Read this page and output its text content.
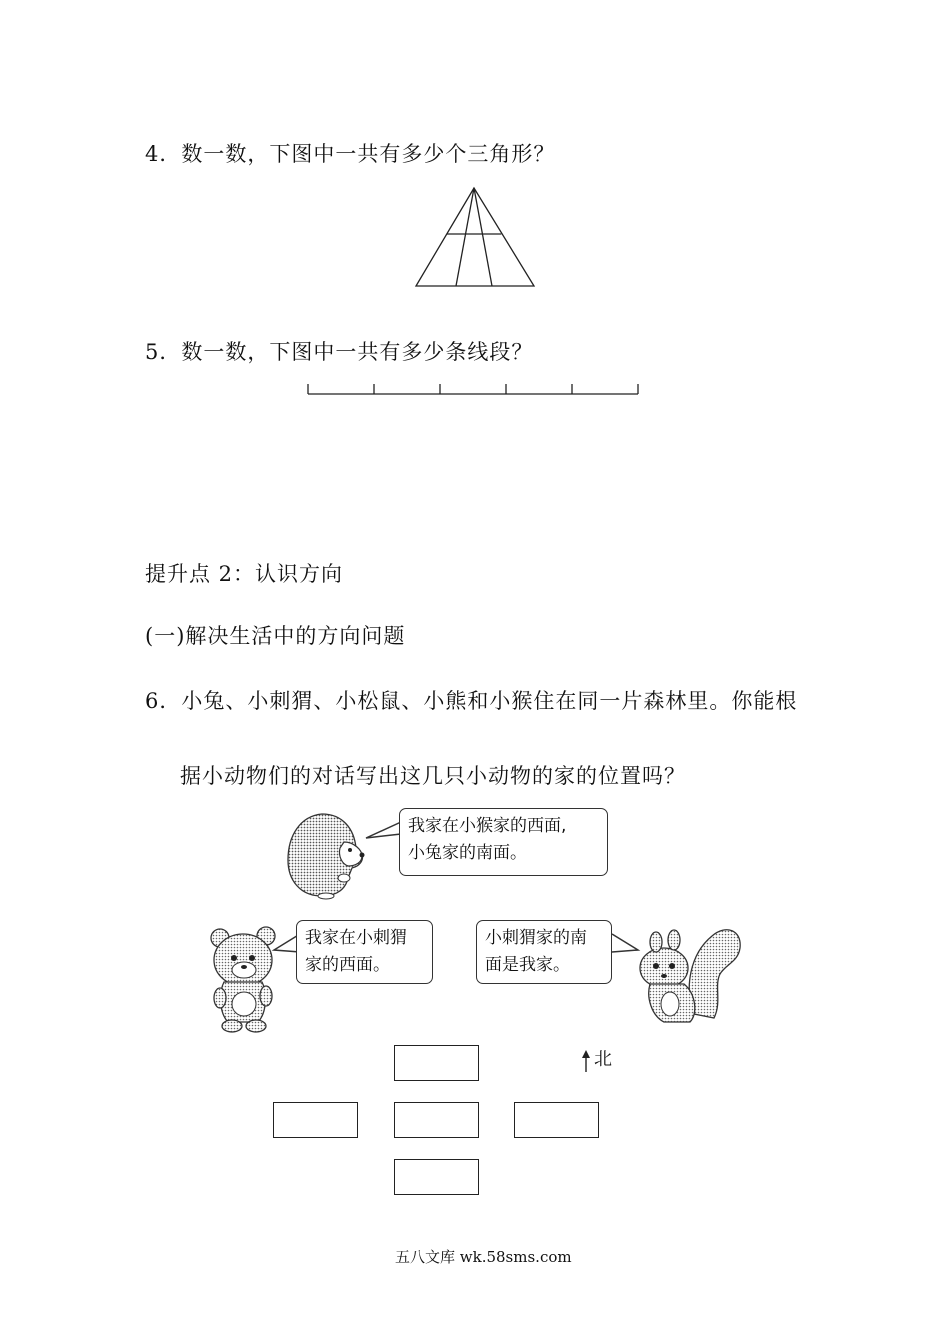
4．数一数，下图中一共有多少个三角形？
5．数一数，下图中一共有多少条线段？
提升点 2：认识方向
(一)解决生活中的方向问题
6．小兔、小刺猬、小松鼠、小熊和小猴住在同一片森林里。你能根
据小动物们的对话写出这几只小动物的家的位置吗？
我家在小猴家的西面,
小兔家的南面。
我家在小刺猬
家的西面。
小刺猬家的南
面是我家。
北
五八文库 wk.58sms.com
